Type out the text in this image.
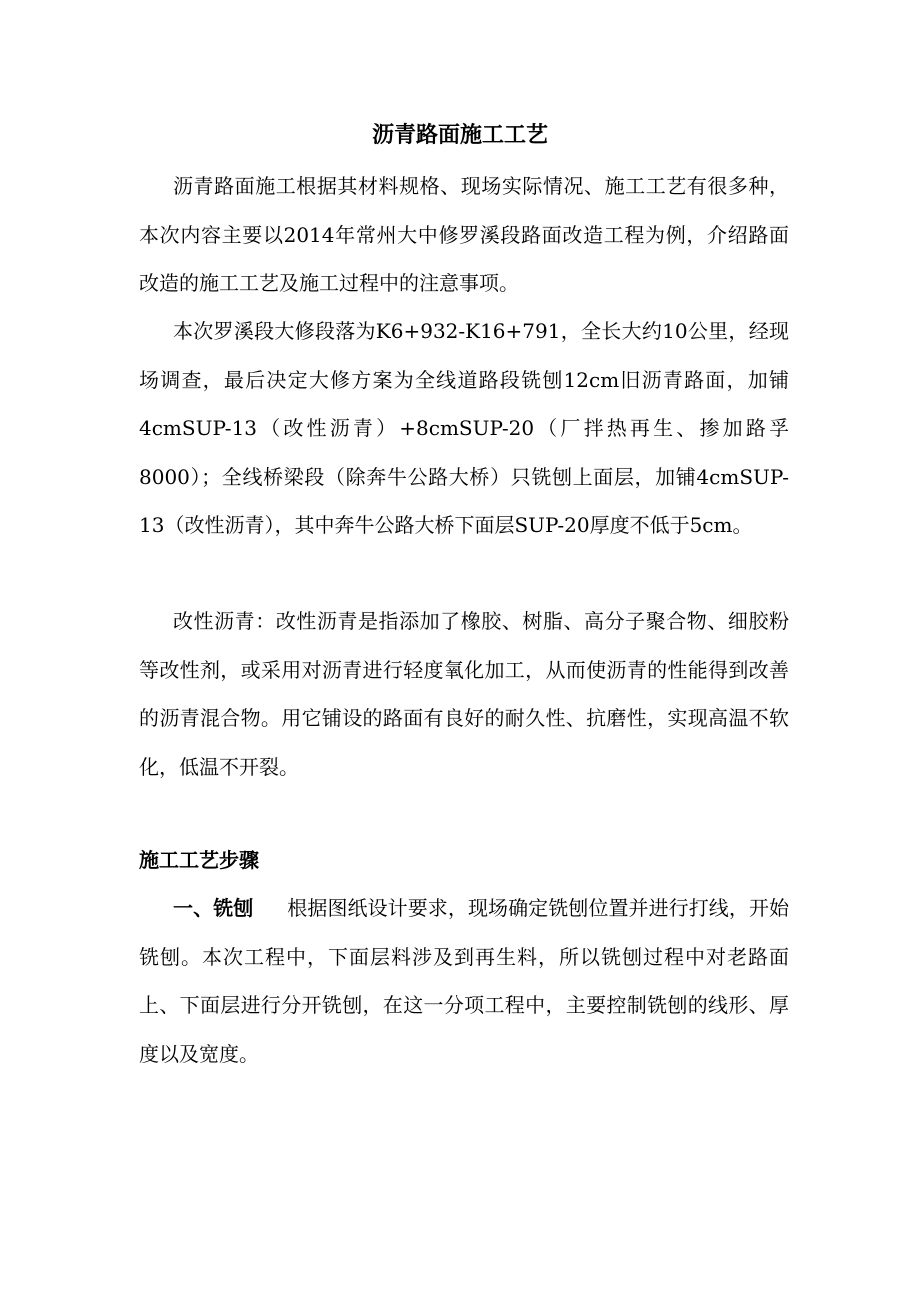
沥青路面施工工艺

沥青路面施工根据其材料规格、现场实际情况、施工工艺有很多种，本次内容主要以2014年常州大中修罗溪段路面改造工程为例，介绍路面改造的施工工艺及施工过程中的注意事项。

本次罗溪段大修段落为K6+932-K16+791，全长大约10公里，经现场调查，最后决定大修方案为全线道路段铣刨12cm旧沥青路面，加铺4cmSUP-13（改性沥青）+8cmSUP-20（厂拌热再生、掺加路孚8000）；全线桥梁段（除奔牛公路大桥）只铣刨上面层，加铺4cmSUP-13（改性沥青），其中奔牛公路大桥下面层SUP-20厚度不低于5cm。

改性沥青：改性沥青是指添加了橡胶、树脂、高分子聚合物、细胶粉等改性剂，或采用对沥青进行轻度氧化加工，从而使沥青的性能得到改善的沥青混合物。用它铺设的路面有良好的耐久性、抗磨性，实现高温不软化，低温不开裂。

施工工艺步骤

一、铣刨 根据图纸设计要求，现场确定铣刨位置并进行打线，开始铣刨。本次工程中，下面层料涉及到再生料，所以铣刨过程中对老路面上、下面层进行分开铣刨，在这一分项工程中，主要控制铣刨的线形、厚度以及宽度。
